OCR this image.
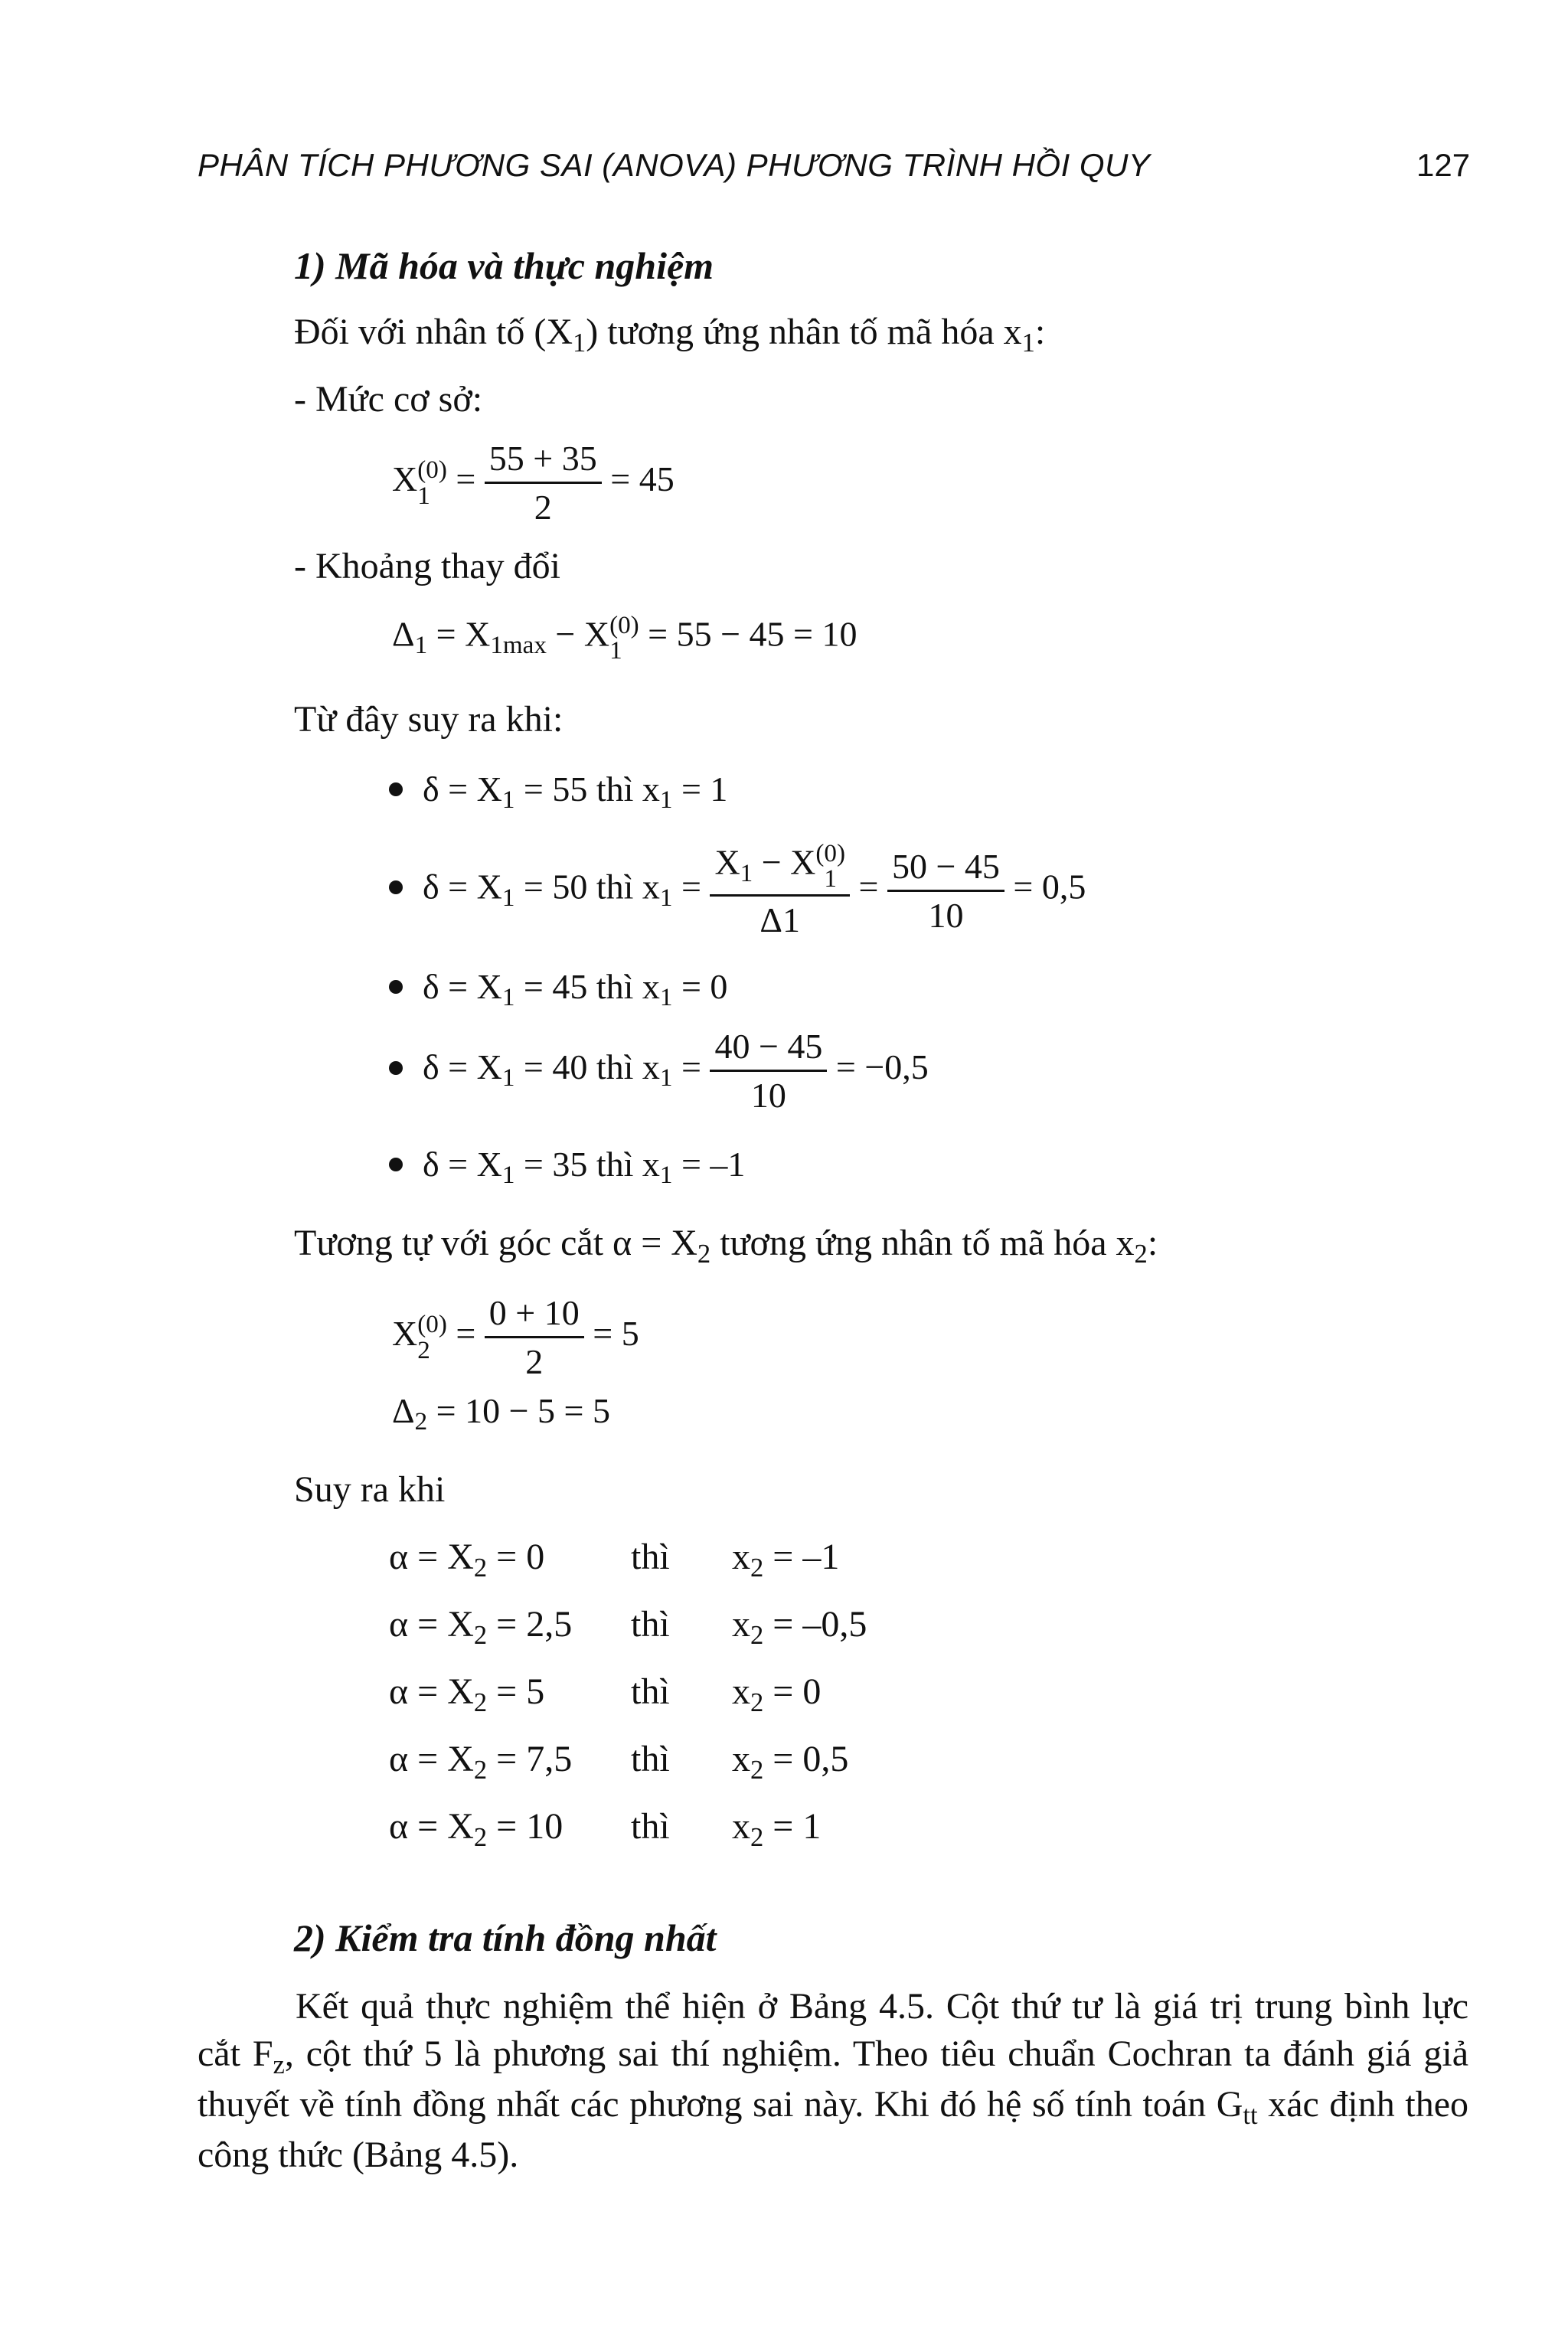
PHÂN TÍCH PHƯƠNG SAI (ANOVA) PHƯƠNG TRÌNH HỒI QUY	127
1) Mã hóa và thực nghiệm
Đối với nhân tố $(X_1)$ tương ứng nhân tố mã hóa $x_1$:
- Mức cơ sở:
X (0)
$1 = \frac{55 + 35}{2} = 45$
- Khoảng thay đổi
$\Delta_1 = X_{1max} - X$ (0)
1 = 55 − 45 = 10
Từ đây suy ra khi:
$\delta = X_1 = 55$ thì $x_1 = 1$
$\delta = X_1 = 50$ thì $x_1 = X_1 - X$ (0)
1
$\Delta 1 = \frac{50 - 45}{10} = 0,5$
$\delta = X_1 = 45$ thì $x_1 = 0$
$\delta = X_1 = 40$ thì $x_1 = \frac{40 - 45}{10} = -0,5$
$\delta = X_1 = 35$ thì $x_1 = -1$
Tương tự với góc cắt $\alpha = X_2$ tương ứng nhân tố mã hóa $x_2$:
X (0)
$2 = \frac{0 + 10}{2} = 5$
$\Delta_2 = 10 - 5 = 5$
Suy ra khi
$\alpha = X_2 = 0$ thì $x_2 = -1$
$\alpha = X_2 = 2,5$ thì $x_2 = -0,5$
$\alpha = X_2 = 5$ thì $x_2 = 0$
$\alpha = X_2 = 7,5$ thì $x_2 = 0,5$
$\alpha = X_2 = 10$ thì $x_2 = 1$
2) Kiểm tra tính đồng nhất
Kết quả thực nghiệm thể hiện ở Bảng 4.5. Cột thứ tư là giá trị trung bình lực cắt $F_z$, cột thứ 5 là phương sai thí nghiệm. Theo tiêu chuẩn Cochran ta đánh giá giả thuyết về tính đồng nhất các phương sai này. Khi đó hệ số tính toán $G_{tt}$ xác định theo công thức (Bảng 4.5).
